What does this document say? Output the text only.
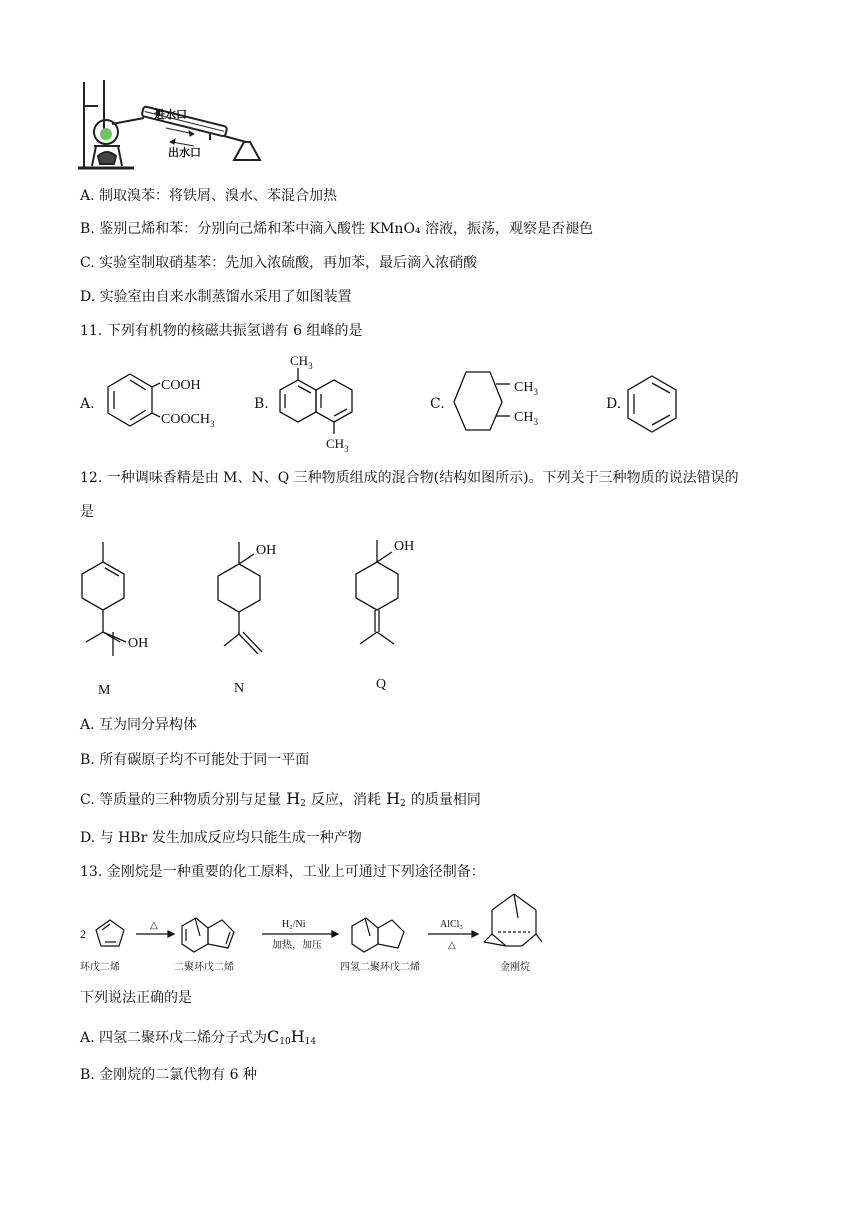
进水口
出水口
A. 制取溴苯：将铁屑、溴水、苯混合加热
B. 鉴别己烯和苯：分别向己烯和苯中滴入酸性 KMnO₄ 溶液，振荡，观察是否褪色
C. 实验室制取硝基苯：先加入浓硫酸，再加苯，最后滴入浓硝酸
D. 实验室由自来水制蒸馏水采用了如图装置
11. 下列有机物的核磁共振氢谱有 6 组峰的是
A.
COOH
$COOCH_3$
B.
$CH_3$
$CH_3$
C.
$CH_3$
$CH_3$
D.
12. 一种调味香精是由 M、N、Q 三种物质组成的混合物(结构如图所示)。下列关于三种物质的说法错误的
是
OH
M
OH
N
OH
Q
A. 互为同分异构体
B. 所有碳原子均不可能处于同一平面
C. 等质量的三种物质分别与足量 $H_2$ 反应，消耗 $H_2$ 的质量相同
D. 与 HBr 发生加成反应均只能生成一种产物
13. 金刚烷是一种重要的化工原料，工业上可通过下列途径制备：
2
△	H₂/Ni
加热，加压
AlCl₃
△
环戊二烯	二聚环戊二烯	四氢二聚环戊二烯	金刚烷
下列说法正确的是
A. 四氢二聚环戊二烯分子式为$C_{10}H_{14}$
B. 金刚烷的二氯代物有 6 种
